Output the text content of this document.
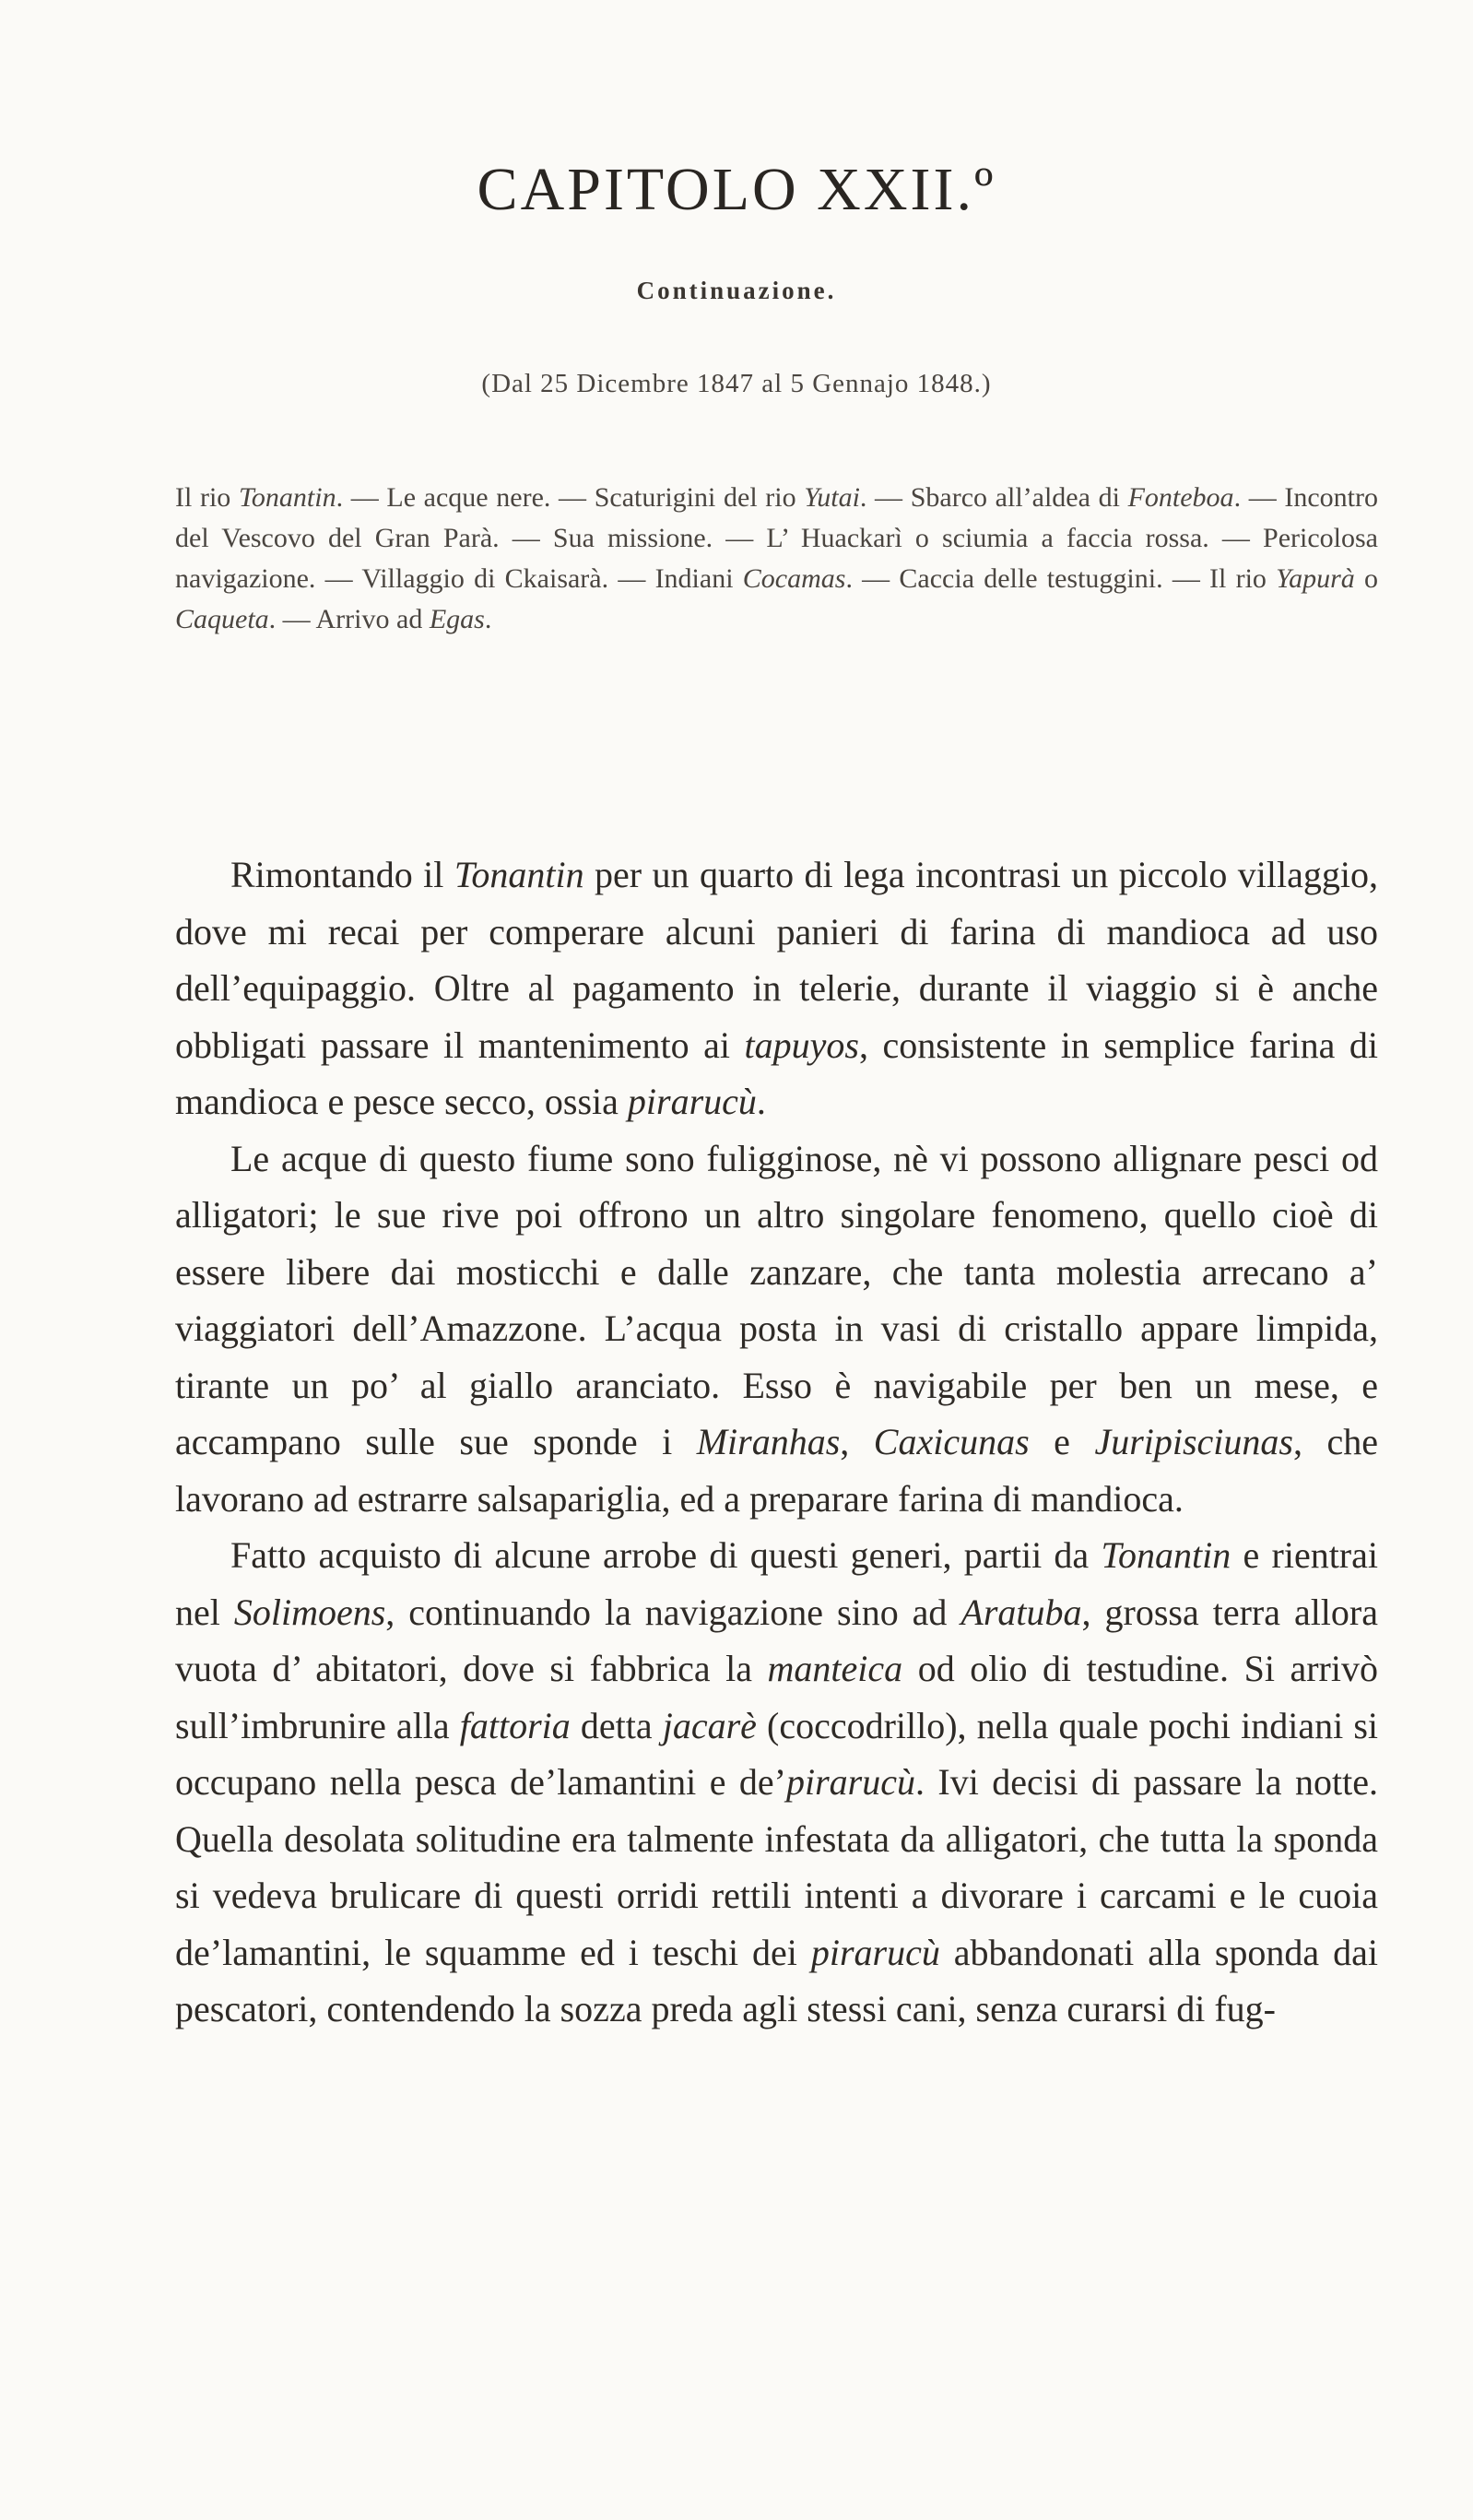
CAPITOLO XXII.º
Continuazione.
(Dal 25 Dicembre 1847 al 5 Gennajo 1848.)

Il rio Tonantin. — Le acque nere. — Scaturigini del rio Yutai. — Sbarco all’aldea di Fonteboa. — Incontro del Vescovo del Gran Parà. — Sua missione. — L’ Huackarì o sciumia a faccia rossa. — Pericolosa navigazione. — Villaggio di Ckaisarà. — Indiani Cocamas. — Caccia delle testuggini. — Il rio Yapurà o Caqueta. — Arrivo ad Egas.

Rimontando il Tonantin per un quarto di lega incontrasi un piccolo villaggio, dove mi recai per comperare alcuni panieri di farina di mandioca ad uso dell’equipaggio. Oltre al pagamento in telerie, durante il viaggio si è anche obbligati passare il mantenimento ai tapuyos, consistente in semplice farina di mandioca e pesce secco, ossia pirarucù.

Le acque di questo fiume sono fuligginose, nè vi possono allignare pesci od alligatori; le sue rive poi offrono un altro singolare fenomeno, quello cioè di essere libere dai mosticchi e dalle zanzare, che tanta molestia arrecano a’ viaggiatori dell’Amazzone. L’acqua posta in vasi di cristallo appare limpida, tirante un po’ al giallo aranciato. Esso è navigabile per ben un mese, e accampano sulle sue sponde i Miranhas, Caxicunas e Juripisciunas, che lavorano ad estrarre salsapariglia, ed a preparare farina di mandioca.

Fatto acquisto di alcune arrobe di questi generi, partii da Tonantin e rientrai nel Solimoens, continuando la navigazione sino ad Aratuba, grossa terra allora vuota d’ abitatori, dove si fabbrica la manteica od olio di testudine. Si arrivò sull’imbrunire alla fattoria detta jacarè (coccodrillo), nella quale pochi indiani si occupano nella pesca de’lamantini e de’pirarucù. Ivi decisi di passare la notte. Quella desolata solitudine era talmente infestata da alligatori, che tutta la sponda si vedeva brulicare di questi orridi rettili intenti a divorare i carcami e le cuoia de’lamantini, le squamme ed i teschi dei pirarucù abbandonati alla sponda dai pescatori, contendendo la sozza preda agli stessi cani, senza curarsi di fug-
